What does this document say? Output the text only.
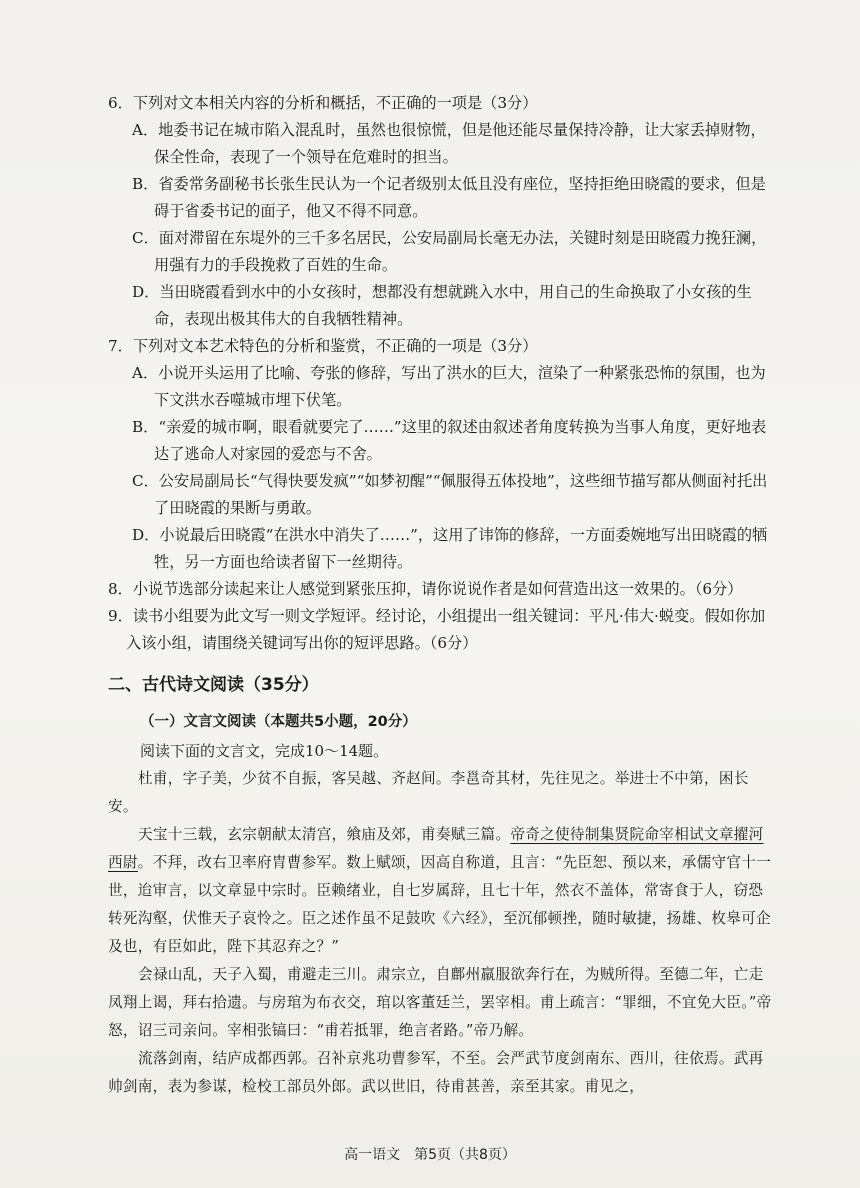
6．下列对文本相关内容的分析和概括，不正确的一项是（3分）

A．地委书记在城市陷入混乱时，虽然也很惊慌，但是他还能尽量保持冷静，让大家丢掉财物，保全性命，表现了一个领导在危难时的担当。

B．省委常务副秘书长张生民认为一个记者级别太低且没有座位，坚持拒绝田晓霞的要求，但是碍于省委书记的面子，他又不得不同意。

C．面对滞留在东堤外的三千多名居民，公安局副局长毫无办法，关键时刻是田晓霞力挽狂澜，用强有力的手段挽救了百姓的生命。

D．当田晓霞看到水中的小女孩时，想都没有想就跳入水中，用自己的生命换取了小女孩的生命，表现出极其伟大的自我牺牲精神。

7．下列对文本艺术特色的分析和鉴赏，不正确的一项是（3分）

A．小说开头运用了比喻、夸张的修辞，写出了洪水的巨大，渲染了一种紧张恐怖的氛围，也为下文洪水吞噬城市埋下伏笔。

B．“亲爱的城市啊，眼看就要完了……”这里的叙述由叙述者角度转换为当事人角度，更好地表达了逃命人对家园的爱恋与不舍。

C．公安局副局长“气得快要发疯”“如梦初醒”“佩服得五体投地”，这些细节描写都从侧面衬托出了田晓霞的果断与勇敢。

D．小说最后田晓霞“在洪水中消失了……”，这用了讳饰的修辞，一方面委婉地写出田晓霞的牺牲，另一方面也给读者留下一丝期待。

8．小说节选部分读起来让人感觉到紧张压抑，请你说说作者是如何营造出这一效果的。（6分）

9．读书小组要为此文写一则文学短评。经讨论，小组提出一组关键词：平凡·伟大·蜕变。假如你加入该小组，请围绕关键词写出你的短评思路。（6分）

二、古代诗文阅读（35分）
（一）文言文阅读（本题共5小题，20分）

阅读下面的文言文，完成10～14题。

杜甫，字子美，少贫不自振，客吴越、齐赵间。李邕奇其材，先往见之。举进士不中第，困长安。

天宝十三载，玄宗朝献太清宫，飨庙及郊，甫奏赋三篇。帝奇之使待制集贤院命宰相试文章擢河西尉。不拜，改右卫率府胄曹参军。数上赋颂，因高自称道，且言：“先臣恕、预以来，承儒守官十一世，迨审言，以文章显中宗时。臣赖绪业，自七岁属辞，且七十年，然衣不盖体，常寄食于人，窃恐转死沟壑，伏惟天子哀怜之。臣之述作虽不足鼓吹《六经》，至沉郁顿挫，随时敏捷，扬雄、枚皋可企及也，有臣如此，陛下其忍弃之？”

会禄山乱，天子入蜀，甫避走三川。肃宗立，自鄜州羸服欲奔行在，为贼所得。至德二年，亡走凤翔上谒，拜右拾遗。与房琯为布衣交，琯以客董廷兰，罢宰相。甫上疏言：“罪细，不宜免大臣。”帝怒，诏三司亲问。宰相张镐曰：“甫若抵罪，绝言者路。”帝乃解。

流落剑南，结庐成都西郭。召补京兆功曹参军，不至。会严武节度剑南东、西川，往依焉。武再帅剑南，表为参谋，检校工部员外郎。武以世旧，待甫甚善，亲至其家。甫见之，

高一语文　第5页（共8页）
